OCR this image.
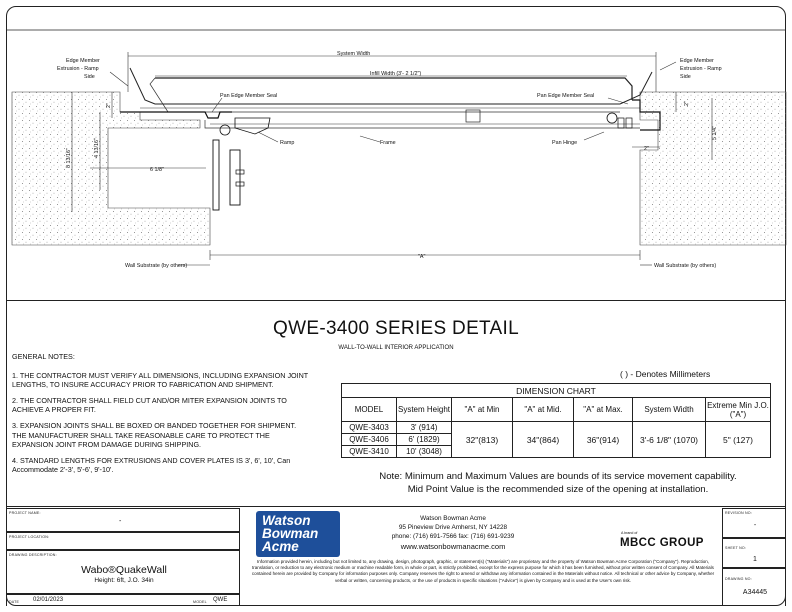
System Width
Infill Width (3'- 2 1/2")
Edge Member
Extrusion - Ramp
Side
Edge Member
Extrusion - Ramp
Side
Pan Edge Member Seal	Pan Edge Member Seal
Ramp	Frame	Pan Hinge
Wall Substrate (by others)	Wall Substrate (by others)
"A"
6 1/8"
2"
8 13/16"
4 13/16"
2"	2"
5 1/4"
QWE-3400 SERIES DETAIL
WALL-TO-WALL INTERIOR APPLICATION

GENERAL NOTES:

1. THE CONTRACTOR MUST VERIFY ALL DIMENSIONS, INCLUDING EXPANSION JOINT LENGTHS, TO INSURE ACCURACY PRIOR TO FABRICATION AND SHIPMENT.

2. THE CONTRACTOR SHALL FIELD CUT AND/OR MITER EXPANSION JOINTS TO ACHIEVE A PROPER FIT.

3. EXPANSION JOINTS SHALL BE BOXED OR BANDED TOGETHER FOR SHIPMENT. THE MANUFACTURER SHALL TAKE REASONABLE CARE TO PROTECT THE EXPANSION JOINT FROM DAMAGE DURING SHIPPING.

4. STANDARD LENGTHS FOR EXTRUSIONS AND COVER PLATES IS 3', 6', 10', Can Accommodate 2'-3', 5'-6', 9'-10'.

( ) - Denotes Millimeters
DIMENSION CHART						
MODEL	System Height	"A" at Min	"A" at Mid.	"A" at Max.	System Width	Extreme Min J.O. ("A")
QWE-3403	3' (914)	32"(813)	34"(864)	36"(914)	3'-6 1/8" (1070)	5" (127)
QWE-3406	6' (1829)					
QWE-3410	10' (3048)					
Note: Minimum and Maximum Values are bounds of its service movement capability.
Mid Point Value is the recommended size of the opening at installation.
PROJECT NAME:
-
PROJECT LOCATION:
DRAWING DESCRIPTION:
Wabo®QuakeWall
Height: 6ft, J.O. 34in
DATE 02/01/2023	MODEL QWE
Watson
Bowman
Acme
Watson Bowman Acme
95 Pineview Drive Amherst, NY 14228
phone: (716) 691-7566 fax: (716) 691-9239
www.watsonbowmanacme.com
A brand of
MBCC GROUP
Information provided herein, including but not limited to, any drawing, design, photograph, graphic, or statement(s) ("Materials") are proprietary and the property of Watson Bowman Acme Corporation ("Company"). Reproduction, translation, or reduction to any electronic medium or machine readable form, in whole or part, is strictly prohibited, except for the express purpose for which it has been furnished, without prior written consent of Company. All Materials contained herein are provided by Company for information purposes only. Company reserves the right to amend or withdraw any information contained in the Materials without notice. All technical or other advice by Company, whether verbal or written, concerning products, or the use of products in specific situations ("Advice") is given by Company and is used at the User's own risk.
REVISION NO:
-
SHEET NO:
1
DRAWING NO:
A34445
